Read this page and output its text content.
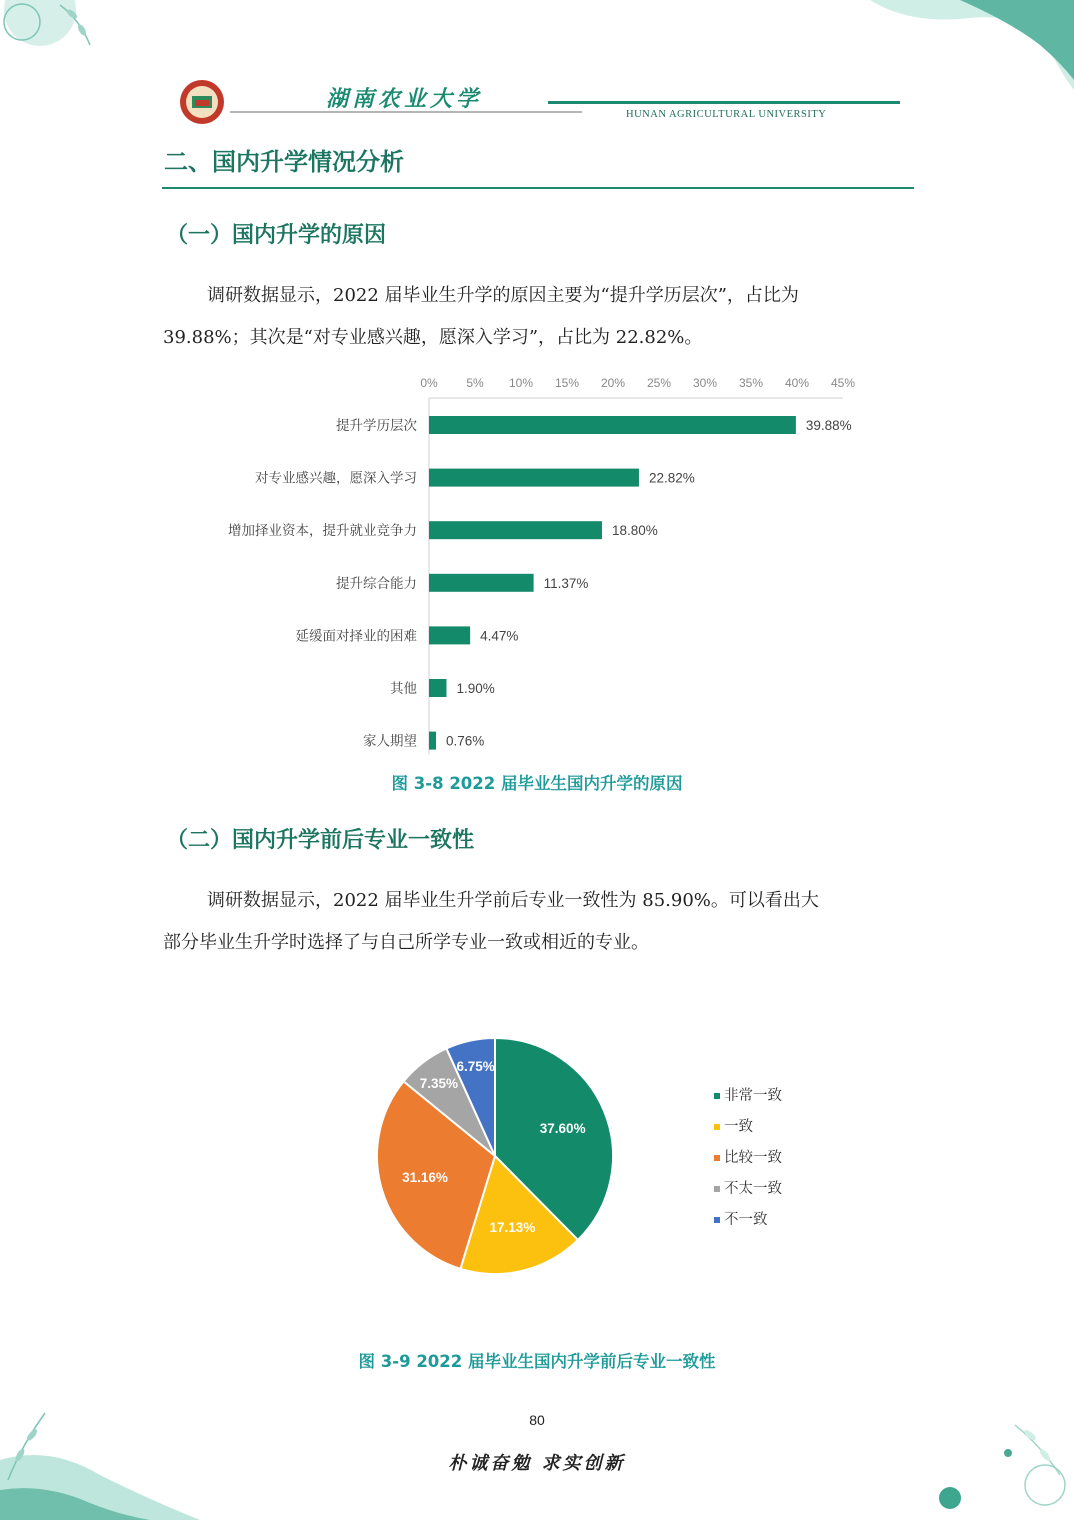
湖南农业大学
HUNAN AGRICULTURAL UNIVERSITY
二、国内升学情况分析
（一）国内升学的原因
调研数据显示，2022 届毕业生升学的原因主要为“提升学历层次”，占比为
39.88%；其次是“对专业感兴趣，愿深入学习”，占比为 22.82%。
0% 5% 10% 15% 20% 25% 30% 35% 40% 45%
提升学历层次	39.88%
对专业感兴趣，愿深入学习	22.82%
增加择业资本，提升就业竞争力	18.80%
提升综合能力	11.37%
延缓面对择业的困难	4.47%
其他	1.90%
家人期望 0.76%
图 3-8 2022 届毕业生国内升学的原因
（二）国内升学前后专业一致性
调研数据显示，2022 届毕业生升学前后专业一致性为 85.90%。可以看出大
部分毕业生升学时选择了与自己所学专业一致或相近的专业。
37.60%
17.13%
31.16%
7.35%
6.75%
非常一致
一致
比较一致
不太一致
不一致
图 3-9 2022 届毕业生国内升学前后专业一致性
80
朴诚奋勉 求实创新
